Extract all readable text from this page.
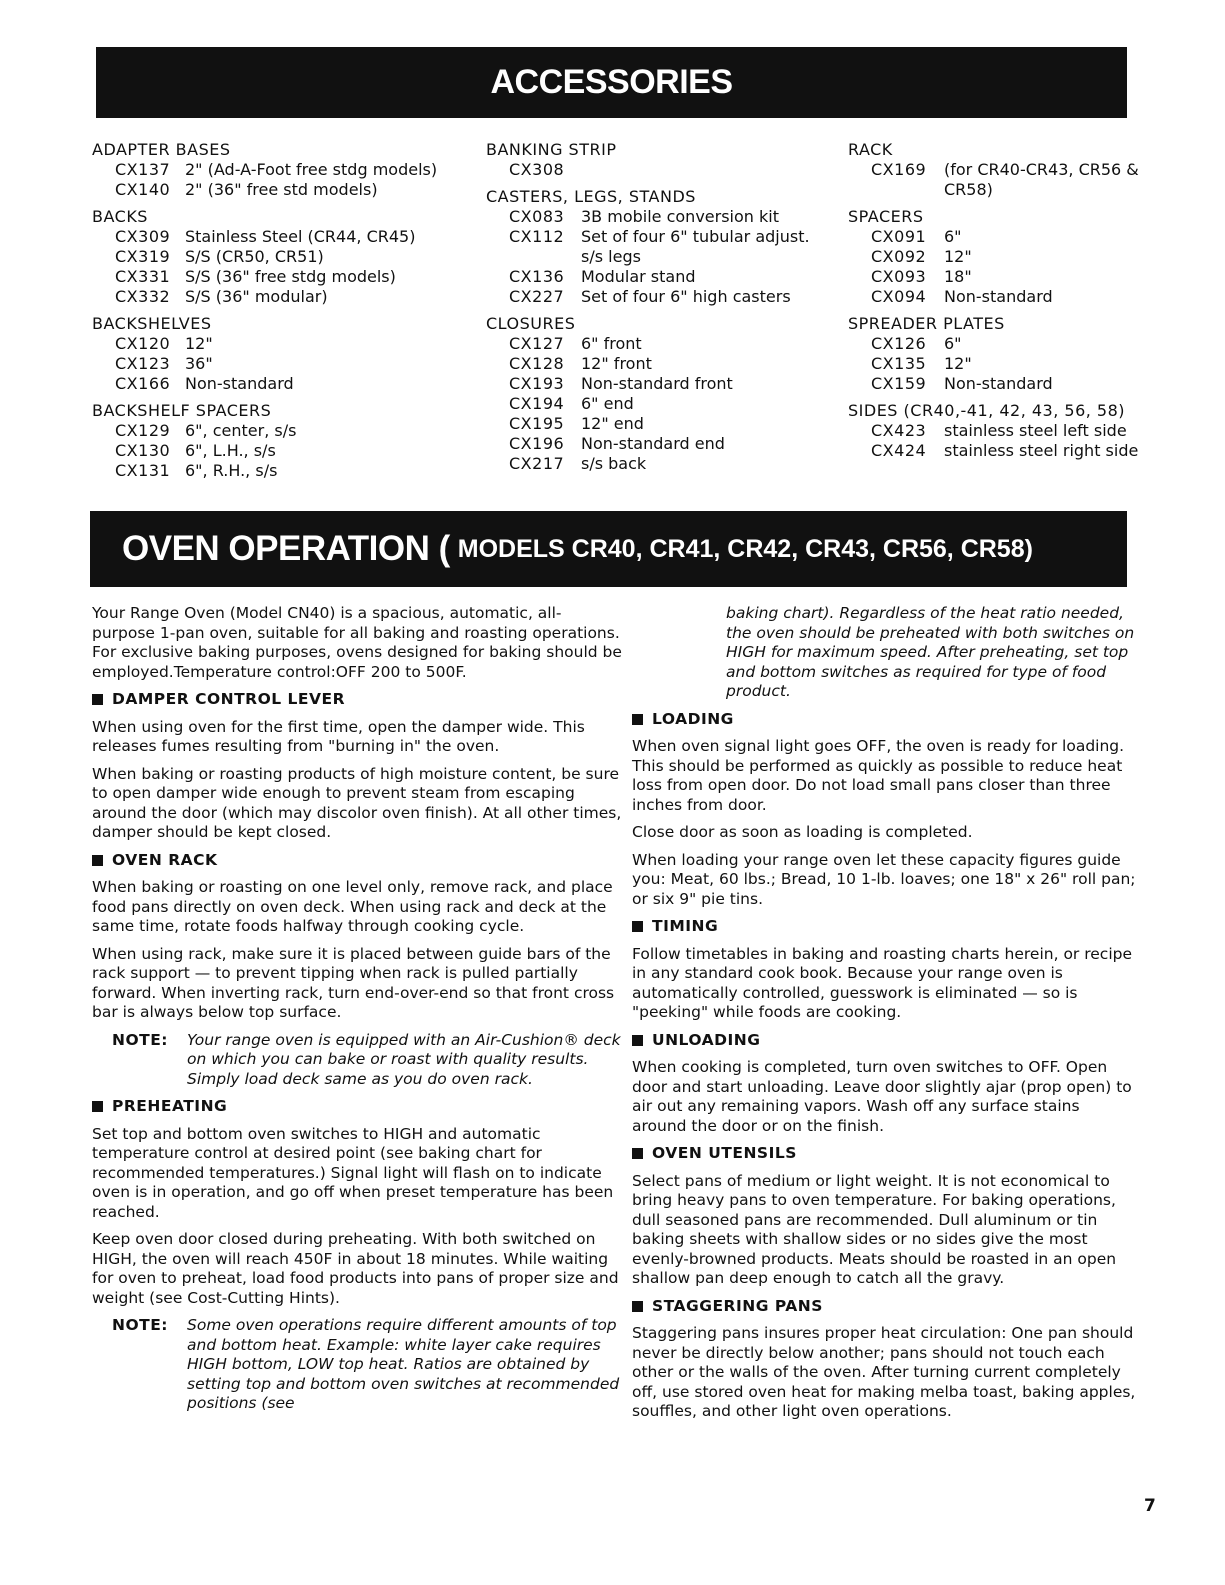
ACCESSORIES
ADAPTER BASES
CX137 2" (Ad-A-Foot free stdg models)
CX140 2" (36" free std models)
BACKS
CX309 Stainless Steel (CR44, CR45)
CX319 S/S (CR50, CR51)
CX331 S/S (36" free stdg models)
CX332 S/S (36" modular)
BACKSHELVES
CX120 12"
CX123 36"
CX166 Non-standard
BACKSHELF SPACERS
CX129 6", center, s/s
CX130 6", L.H., s/s
CX131 6", R.H., s/s
BANKING STRIP
CX308
CASTERS, LEGS, STANDS
CX083	3B mobile conversion kit
CX112	Set of four 6" tubular adjust. s/s legs
CX136	Modular stand
CX227	Set of four 6" high casters
CLOSURES
CX127	6" front
CX128	12" front
CX193	Non-standard front
CX194	6" end
CX195	12" end
CX196	Non-standard end
CX217	s/s back
RACK
CX169	(for CR40-CR43, CR56 & CR58)
SPACERS
CX091	6"
CX092	12"
CX093	18"
CX094	Non-standard
SPREADER PLATES
CX126	6"
CX135	12"
CX159	Non-standard
SIDES (CR40,-41, 42, 43, 56, 58)
CX423	stainless steel left side
CX424	stainless steel right side
OVEN OPERATION ( MODELS CR40, CR41, CR42, CR43, CR56, CR58)

Your Range Oven (Model CN40) is a spacious, automatic, all-purpose 1-pan oven, suitable for all baking and roasting operations. For exclusive baking purposes, ovens designed for baking should be employed.Temperature control:OFF 200 to 500F.

DAMPER CONTROL LEVER

When using oven for the first time, open the damper wide. This releases fumes resulting from "burning in" the oven.

When baking or roasting products of high moisture content, be sure to open damper wide enough to prevent steam from escaping around the door (which may discolor oven finish). At all other times, damper should be kept closed.

OVEN RACK

When baking or roasting on one level only, remove rack, and place food pans directly on oven deck. When using rack and deck at the same time, rotate foods halfway through cooking cycle.

When using rack, make sure it is placed between guide bars of the rack support — to prevent tipping when rack is pulled partially forward. When inverting rack, turn end-over-end so that front cross bar is always below top surface.

NOTE:	Your range oven is equipped with an Air-Cushion® deck on which you can bake or roast with quality results. Simply load deck same as you do oven rack.
PREHEATING

Set top and bottom oven switches to HIGH and automatic temperature control at desired point (see baking chart for recommended temperatures.) Signal light will flash on to indicate oven is in operation, and go off when preset temperature has been reached.

Keep oven door closed during preheating. With both switched on HIGH, the oven will reach 450F in about 18 minutes. While waiting for oven to preheat, load food products into pans of proper size and weight (see Cost-Cutting Hints).

NOTE:	Some oven operations require different amounts of top and bottom heat. Example: white layer cake requires HIGH bottom, LOW top heat. Ratios are obtained by setting top and bottom oven switches at recommended positions (see

baking chart). Regardless of the heat ratio needed, the oven should be preheated with both switches on HIGH for maximum speed. After preheating, set top and bottom switches as required for type of food product.

LOADING

When oven signal light goes OFF, the oven is ready for loading. This should be performed as quickly as possible to reduce heat loss from open door. Do not load small pans closer than three inches from door.

Close door as soon as loading is completed.

When loading your range oven let these capacity figures guide you: Meat, 60 lbs.; Bread, 10 1-lb. loaves; one 18" x 26" roll pan; or six 9" pie tins.

TIMING

Follow timetables in baking and roasting charts herein, or recipe in any standard cook book. Because your range oven is automatically controlled, guesswork is eliminated — so is "peeking" while foods are cooking.

UNLOADING

When cooking is completed, turn oven switches to OFF. Open door and start unloading. Leave door slightly ajar (prop open) to air out any remaining vapors. Wash off any surface stains around the door or on the finish.

OVEN UTENSILS

Select pans of medium or light weight. It is not economical to bring heavy pans to oven temperature. For baking operations, dull seasoned pans are recommended. Dull aluminum or tin baking sheets with shallow sides or no sides give the most evenly-browned products. Meats should be roasted in an open shallow pan deep enough to catch all the gravy.

STAGGERING PANS

Staggering pans insures proper heat circulation: One pan should never be directly below another; pans should not touch each other or the walls of the oven. After turning current completely off, use stored oven heat for making melba toast, baking apples, souffles, and other light oven operations.

7
